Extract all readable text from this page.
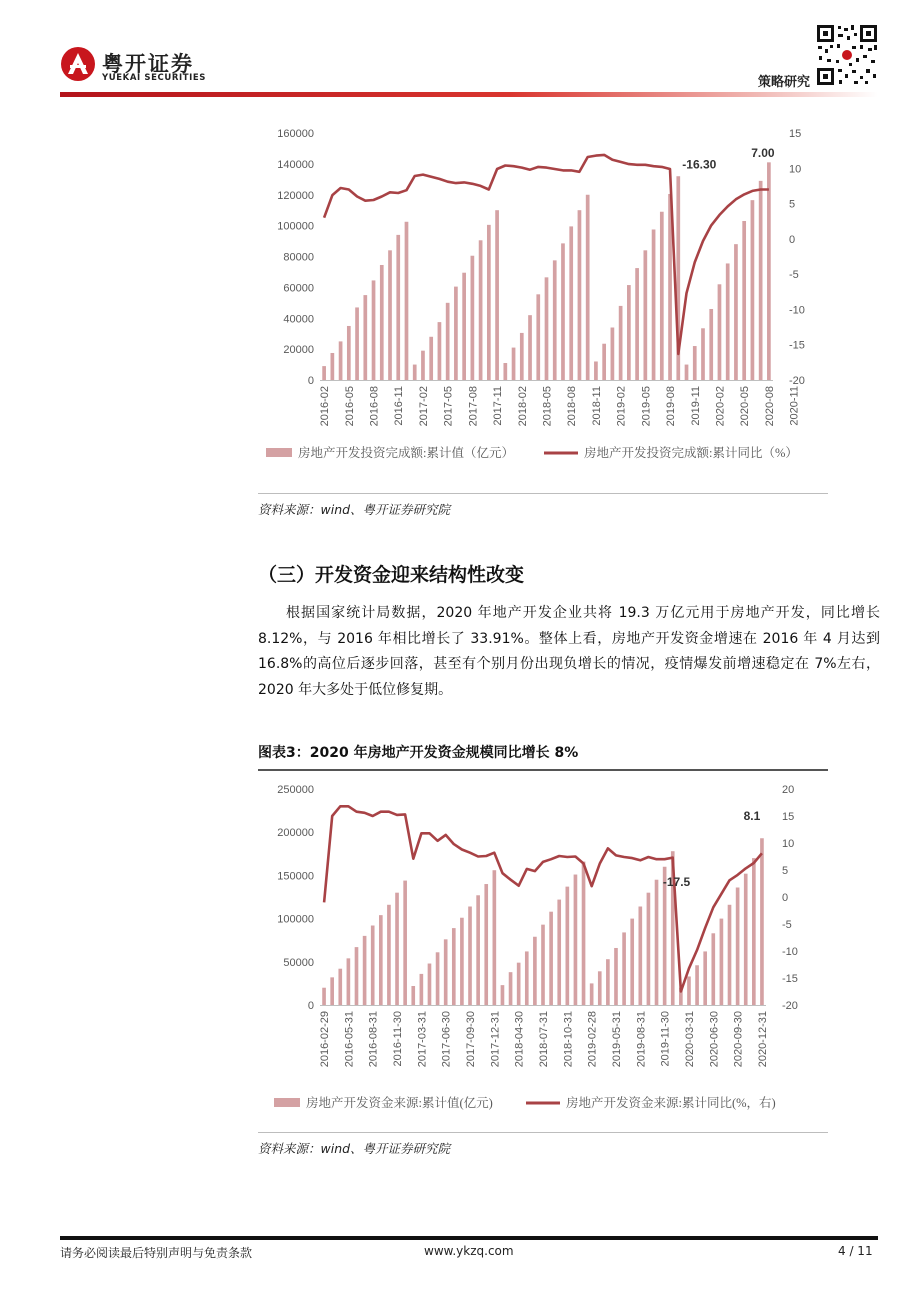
粤开证券
YUEKAI SECURITIES	策略研究
160000
140000
120000
100000
80000
60000
40000
20000
0
15
10
5
0
-5
-10
-15
-20
2016-02 2016-05 2016-08 2016-11 2017-02 2017-05 2017-08 2017-11 2018-02 2018-05 2018-08 2018-11 2019-02 2019-05 2019-08 2019-11 2020-02 2020-05 2020-08 2020-11
-16.30
7.00
房地产开发投资完成额:累计值（亿元）	房地产开发投资完成额:累计同比（%）
资料来源：wind、粤开证券研究院
（三）开发资金迎来结构性改变

根据国家统计局数据，2020 年地产开发企业共将 19.3 万亿元用于房地产开发，同比增长 8.12%，与 2016 年相比增长了 33.91%。整体上看，房地产开发资金增速在 2016 年 4 月达到 16.8%的高位后逐步回落，甚至有个别月份出现负增长的情况，疫情爆发前增速稳定在 7%左右，2020 年大多处于低位修复期。

图表3：2020 年房地产开发资金规模同比增长 8%
250000
200000
150000
100000
50000
0
20
15
10
5
0
-5
-10
-15
-20
2016-02-29 2016-05-31 2016-08-31 2016-11-30 2017-03-31 2017-06-30 2017-09-30 2017-12-31 2018-04-30 2018-07-31 2018-10-31 2019-02-28 2019-05-31 2019-08-31 2019-11-30 2020-03-31 2020-06-30 2020-09-30 2020-12-31
-17.5
8.1
房地产开发资金来源:累计值(亿元)	房地产开发资金来源:累计同比(%，右)
资料来源：wind、粤开证券研究院
请务必阅读最后特别声明与免责条款	www.ykzq.com	4 / 11
